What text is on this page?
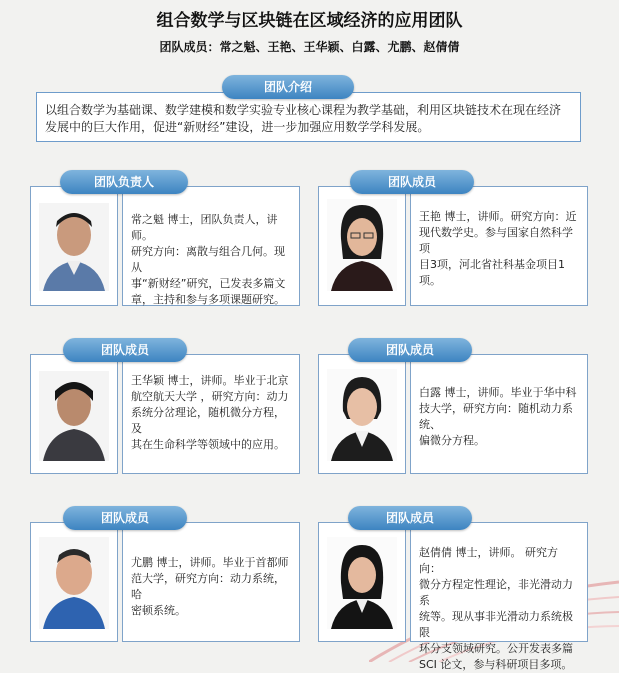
组合数学与区块链在区域经济的应用团队
团队成员：常之魁、王艳、王华颖、白露、尤鹏、赵倩倩
团队介绍
以组合数学为基础课、数学建模和数学实验专业核心课程为教学基础，利用区块链技术在现在经济发展中的巨大作用，促进“新财经”建设，进一步加强应用数学学科发展。
团队负责人
常之魁 博士，团队负责人，讲师。
研究方向：离散与组合几何。现从
事“新财经”研究，已发表多篇文
章，主持和参与多项课题研究。
团队成员
王艳 博士，讲师。研究方向：近
现代数学史。参与国家自然科学项
目3项，河北省社科基金项目1项。
团队成员
王华颖 博士，讲师。毕业于北京
航空航天大学 ，研究方向：动力
系统分岔理论，随机微分方程，及
其在生命科学等领域中的应用。
团队成员
白露 博士，讲师。毕业于华中科
技大学，研究方向：随机动力系统、
偏微分方程。
团队成员
尤鹏 博士，讲师。毕业于首都师
范大学，研究方向：动力系统，哈
密顿系统。
团队成员
赵倩倩 博士，讲师。 研究方向：
微分方程定性理论，非光滑动力系
统等。现从事非光滑动力系统极限
环分支领域研究。公开发表多篇
SCI 论文，参与科研项目多项。
